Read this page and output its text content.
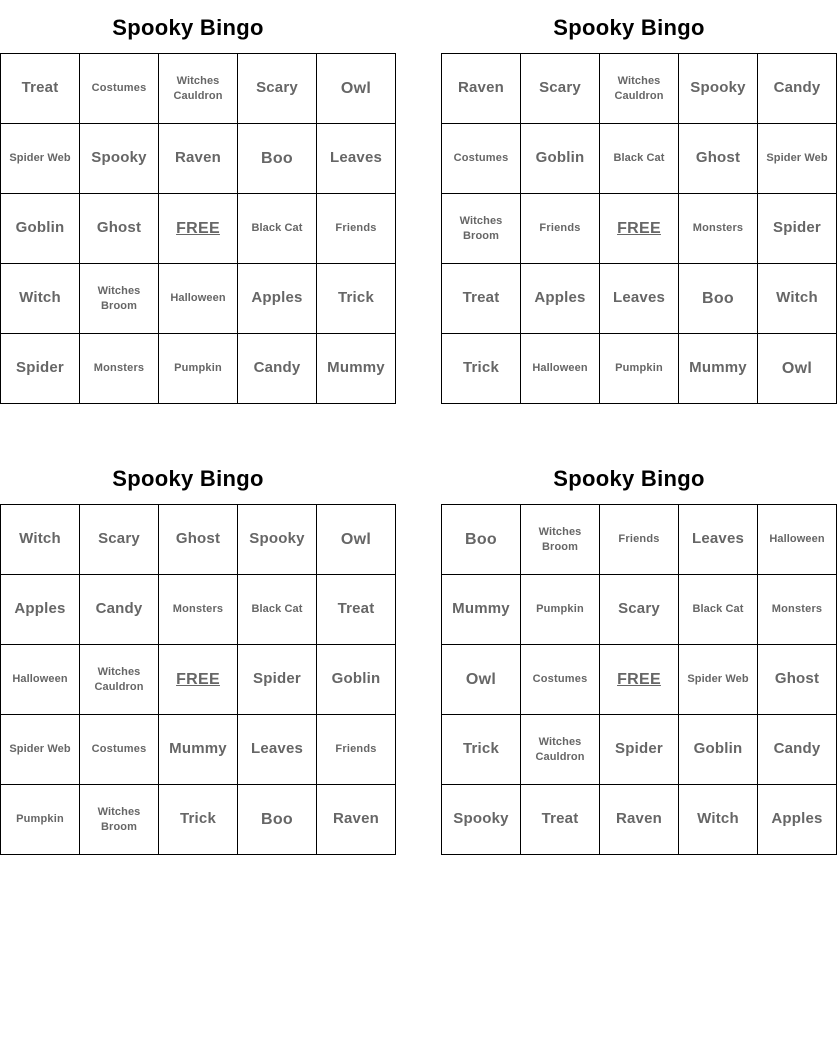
Spooky Bingo
Treat	Costumes	Witches Cauldron	Scary	Owl
Spider Web	Spooky	Raven	Boo	Leaves
Goblin	Ghost	FREE	Black Cat	Friends
Witch	Witches Broom	Halloween	Apples	Trick
Spider	Monsters	Pumpkin	Candy	Mummy
Spooky Bingo
Raven	Scary	Witches Cauldron	Spooky	Candy
Costumes	Goblin	Black Cat	Ghost	Spider Web
Witches Broom	Friends	FREE	Monsters	Spider
Treat	Apples	Leaves	Boo	Witch
Trick	Halloween	Pumpkin	Mummy	Owl
Spooky Bingo
Witch	Scary	Ghost	Spooky	Owl
Apples	Candy	Monsters	Black Cat	Treat
Halloween	Witches Cauldron	FREE	Spider	Goblin
Spider Web	Costumes	Mummy	Leaves	Friends
Pumpkin	Witches Broom	Trick	Boo	Raven
Spooky Bingo
Boo	Witches Broom	Friends	Leaves	Halloween
Mummy	Pumpkin	Scary	Black Cat	Monsters
Owl	Costumes	FREE	Spider Web	Ghost
Trick	Witches Cauldron	Spider	Goblin	Candy
Spooky	Treat	Raven	Witch	Apples
